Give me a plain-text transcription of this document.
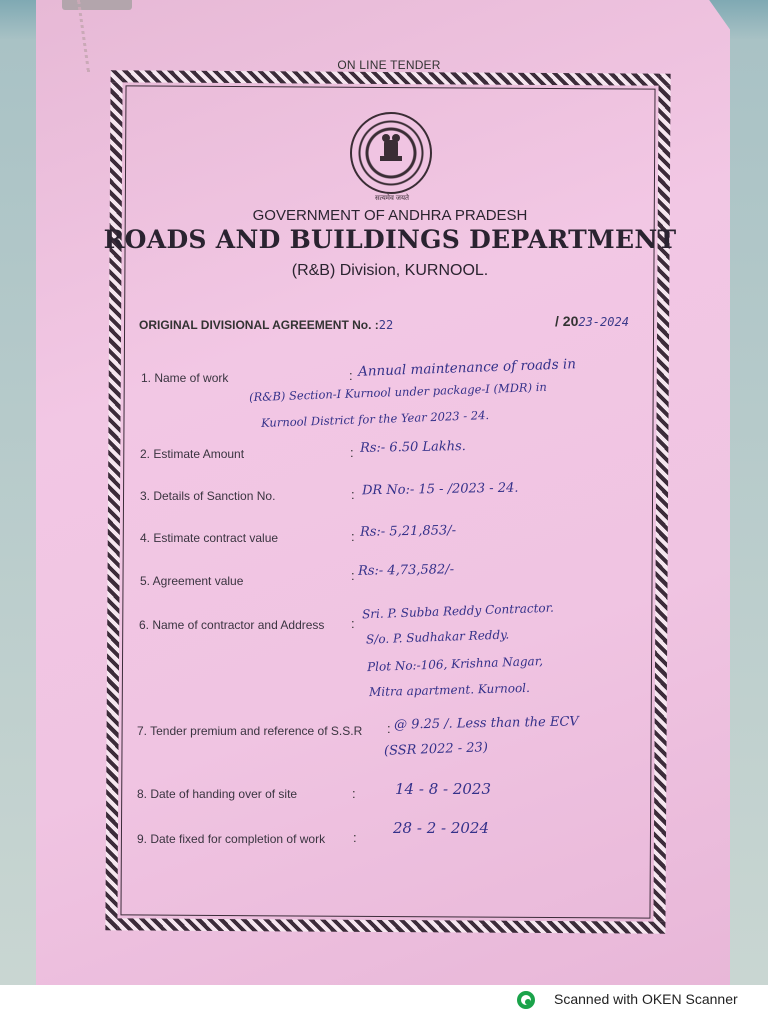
ON LINE TENDER
सत्यमेव जयते
GOVERNMENT OF ANDHRA PRADESH
ROADS AND BUILDINGS DEPARTMENT
(R&B) Division, KURNOOL.
ORIGINAL DIVISIONAL AGREEMENT No. :22	/ 2023-2024
1. Name of work	: Annual maintenance of roads in
(R&B) Section-I Kurnool under package-I (MDR) in
Kurnool District for the Year 2023 - 24.
2. Estimate Amount	: Rs:- 6.50 Lakhs.
3. Details of Sanction No.	: DR No:- 15 - /2023 - 24.
4. Estimate contract value	: Rs:- 5,21,853/-
5. Agreement value	: Rs:- 4,73,582/-
6. Name of contractor and Address :
Sri. P. Subba Reddy Contractor.
S/o. P. Sudhakar Reddy.
Plot No:-106, Krishna Nagar,
Mitra apartment. Kurnool.
7. Tender premium and reference of S.S.R : @ 9.25 /. Less than the ECV
(SSR 2022 - 23)
8. Date of handing over of site	:	14 - 8 - 2023
9. Date fixed for completion of work :
28 - 2 - 2024
Scanned with OKEN Scanner
